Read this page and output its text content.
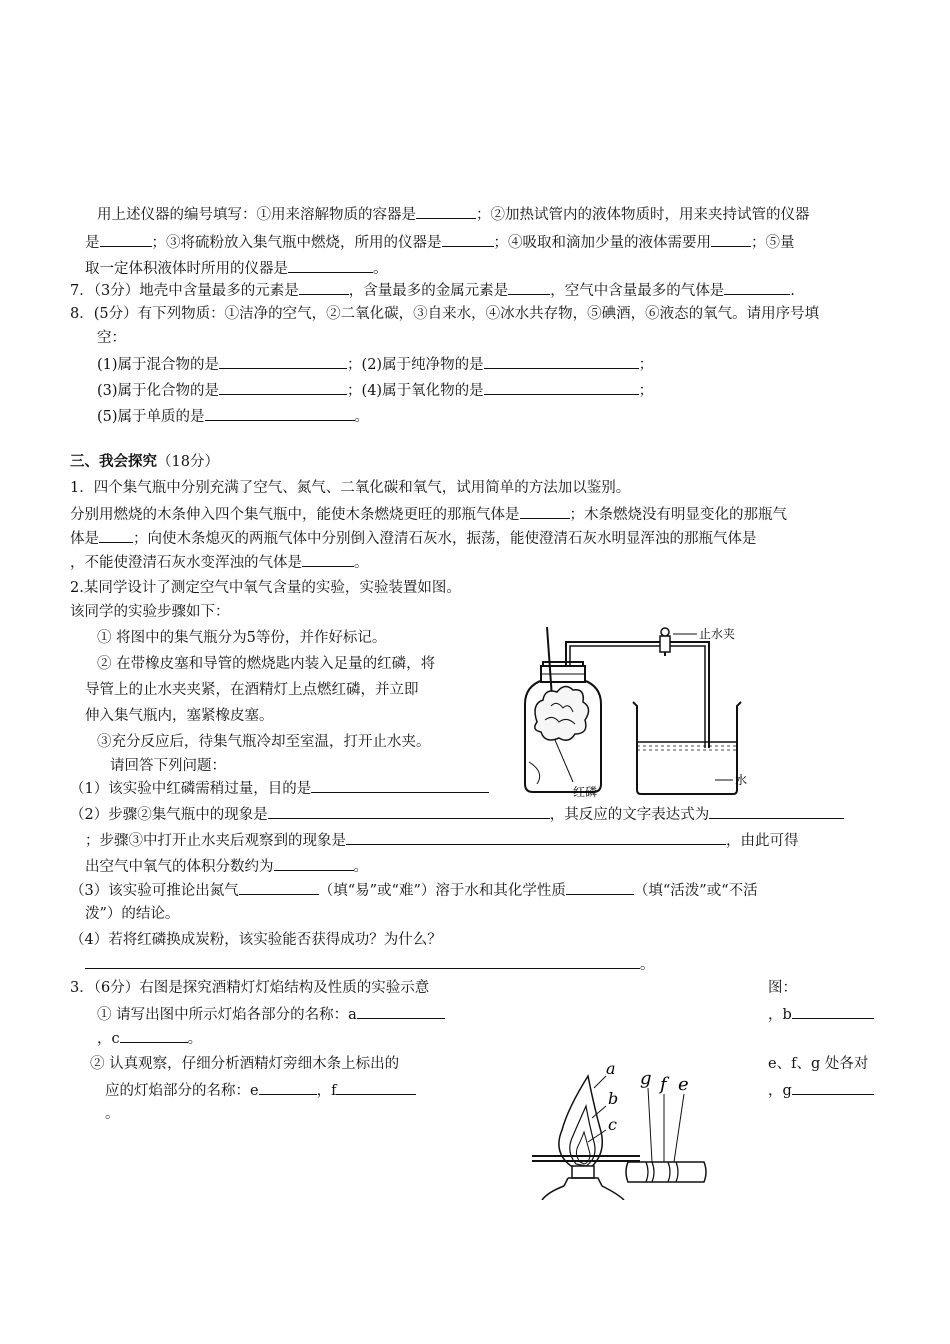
用上述仪器的编号填写：①用来溶解物质的容器是	；②加热试管内的液体物质时，用来夹持试管的仪器
是	；③将硫粉放入集气瓶中燃烧，所用的仪器是	；④吸取和滴加少量的液体需要用	；⑤量
取一定体积液体时所用的仪器是	。
7．（3分）地壳中含量最多的元素是	，含量最多的金属元素是	，空气中含量最多的气体是	.
8．(5分）有下列物质：①洁净的空气，②二氧化碳，③自来水，④冰水共存物，⑤碘酒，⑥液态的氧气。请用序号填
空：
(1)属于混合物的是	；(2)属于纯净物的是	；
(3)属于化合物的是	；(4)属于氧化物的是	；
(5)属于单质的是	。
三、我会探究（18分）
1．四个集气瓶中分别充满了空气、氮气、二氧化碳和氧气，试用简单的方法加以鉴别。
分别用燃烧的木条伸入四个集气瓶中，能使木条燃烧更旺的那瓶气体是	；木条燃烧没有明显变化的那瓶气
体是 ；向使木条熄灭的两瓶气体中分别倒入澄清石灰水，振荡，能使澄清石灰水明显浑浊的那瓶气体是
，不能使澄清石灰水变浑浊的气体是	。
2.某同学设计了测定空气中氧气含量的实验，实验装置如图。
该同学的实验步骤如下：
① 将图中的集气瓶分为5等份，并作好标记。
② 在带橡皮塞和导管的燃烧匙内装入足量的红磷，将
导管上的止水夹夹紧，在酒精灯上点燃红磷，并立即
伸入集气瓶内，塞紧橡皮塞。
③充分反应后，待集气瓶冷却至室温，打开止水夹。
请回答下列问题：
止水夹
水
红磷
（1）该实验中红磷需稍过量，目的是
（2）步骤②集气瓶中的现象是	，其反应的文字表达式为
；步骤③中打开止水夹后观察到的现象是	，由此可得
出空气中氧气的体积分数约为	。
（3）该实验可推论出氮气	（填“易”或“难”）溶于水和其化学性质	（填“活泼”或“不活
泼”）的结论。
（4）若将红磷换成炭粉，该实验能否获得成功？为什么？
。
3．（6分）右图是探究酒精灯灯焰结构及性质的实验示意	图：
① 请写出图中所示灯焰各部分的名称：a	，b
，c	。
② 认真观察，仔细分析酒精灯旁细木条上标出的	e、f、g 处各对
应的灯焰部分的名称：e	，f	，g
。
a
b
c
g f e
